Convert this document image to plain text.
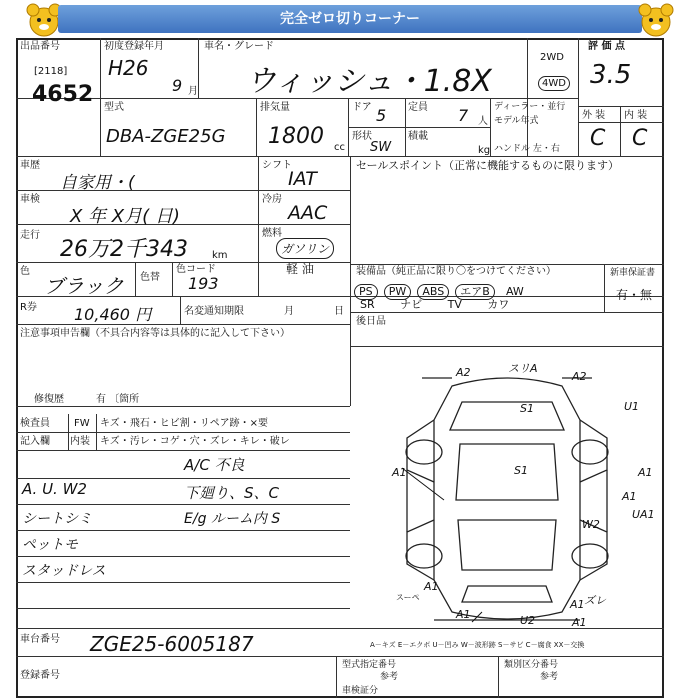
完全ゼロ切りコーナー
出品番号
[2118]
4652
初度登録年月
H26
9 月
車名・グレード
ウィッシュ・1.8X
2WD
4WD
評 価 点
3.5
外 装 内 装
C C
型式
DBA-ZGE25G
排気量
1800 cc
ドア 5 定員 7 人
形状
SW
積載
kg
ディーラー・並行
モデル年式
ハンドル 左・右
車歴
自家用・(
シフト
IAT
車検
X 年 X月( 日)
冷房
AAC
走行
26万2千343 km
燃料
ガソリン
軽 油
色
ブラック 色替
色コード
193
R券 10,460 円	名変通知期限	月	日
セールスポイント（正常に機能するものに限ります）
装備品（純正品に限り〇をつけてください）	新車保証書
有・無
PS PW ABS エアB AW
SR ナビ TV カワ
後日品
注意事項申告欄（不具合内容等は具体的に記入して下さい）
修復歴	有 〔箇所
検査員
記入欄
FW
内装
キズ・飛石・ヒビ割・リペア跡・×要
キズ・汚レ・コゲ・穴・ズレ・キレ・破レ
A/C 不良
A. U. W2	下廻り、S、C
シートシミ	E/g ルーム内 S
ペットモ
スタッドレス
A2	スリA
A2
S1	U1
A1	S1	A1
A1
W2
UA1
A1
A1
A1
U2	A1
ズレ
スーペ
A－キズ E－エクボ U－凹み W－波形跡 S－サビ C－腐食 XX－交換
車台番号 ZGE25-6005187
登録番号
型式指定番号
参考
類別区分番号
参考
車検証分
